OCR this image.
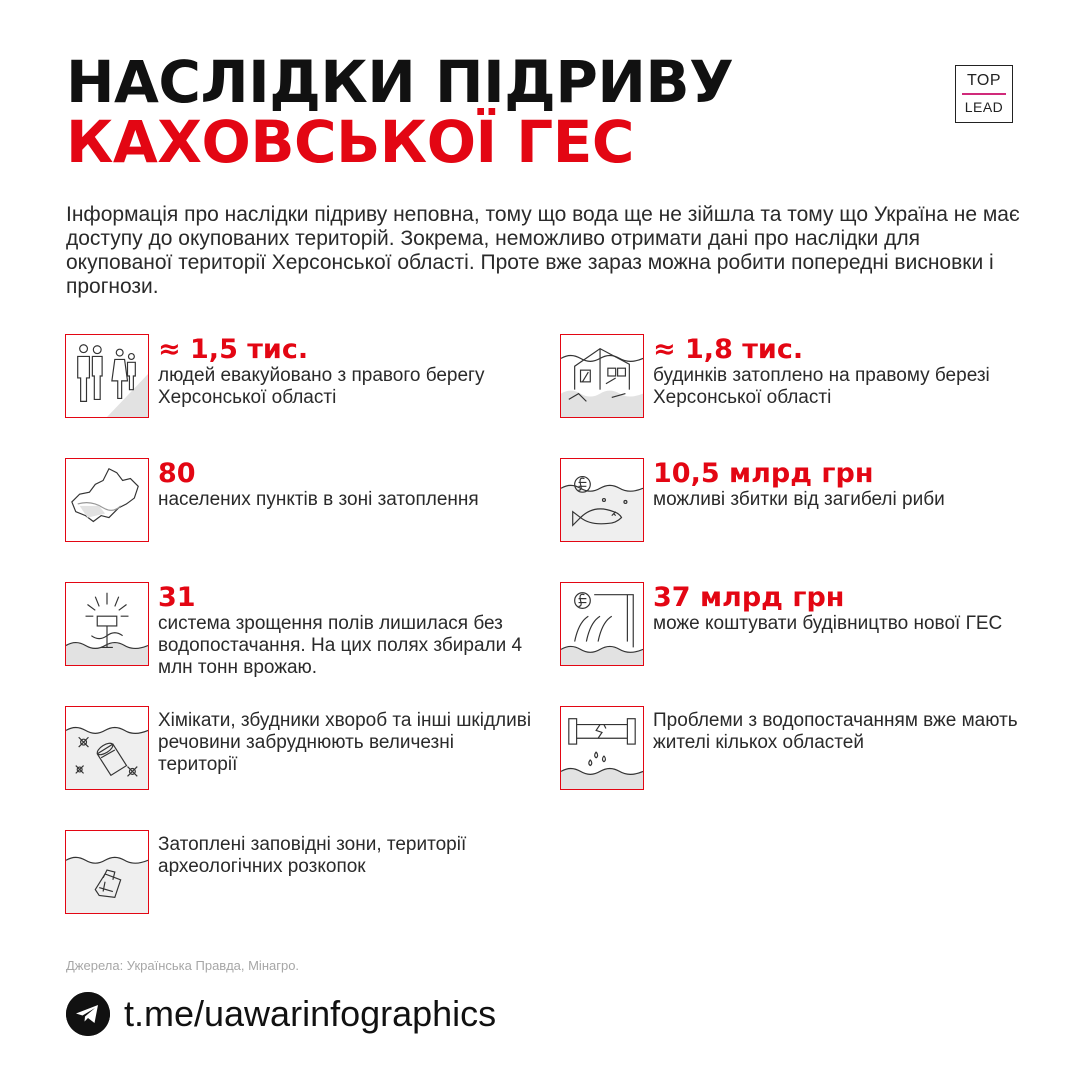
НАСЛІДКИ ПІДРИВУ
КАХОВСЬКОЇ ГЕС
TOP
LEAD

Інформація про наслідки підриву неповна, тому що вода ще не зійшла та тому що Україна не має доступу до окупованих територій. Зокрема, неможливо отримати дані про наслідки для окупованої території Херсонської області. Проте вже зараз можна робити попередні висновки і прогнози.

≈ 1,5 тис.
людей евакуйовано з правого берегу Херсонської області
≈ 1,8 тис.
будинків затоплено на правому березі Херсонської області
80
населених пунктів в зоні затоплення
10,5 млрд грн
можливі збитки від загибелі риби
31
система зрощення полів лишилася без водопостачання. На цих полях збирали 4 млн тонн врожаю.
37 млрд грн
може коштувати будівництво нової ГЕС
Хімікати, збудники хвороб та інші шкідливі речовини забруднюють величезні території
Проблеми з водопостачанням вже мають жителі кількох областей
Затоплені заповідні зони, території археологічних розкопок
Джерела: Українська Правда, Мінагро.
t.me/uawarinfographics
